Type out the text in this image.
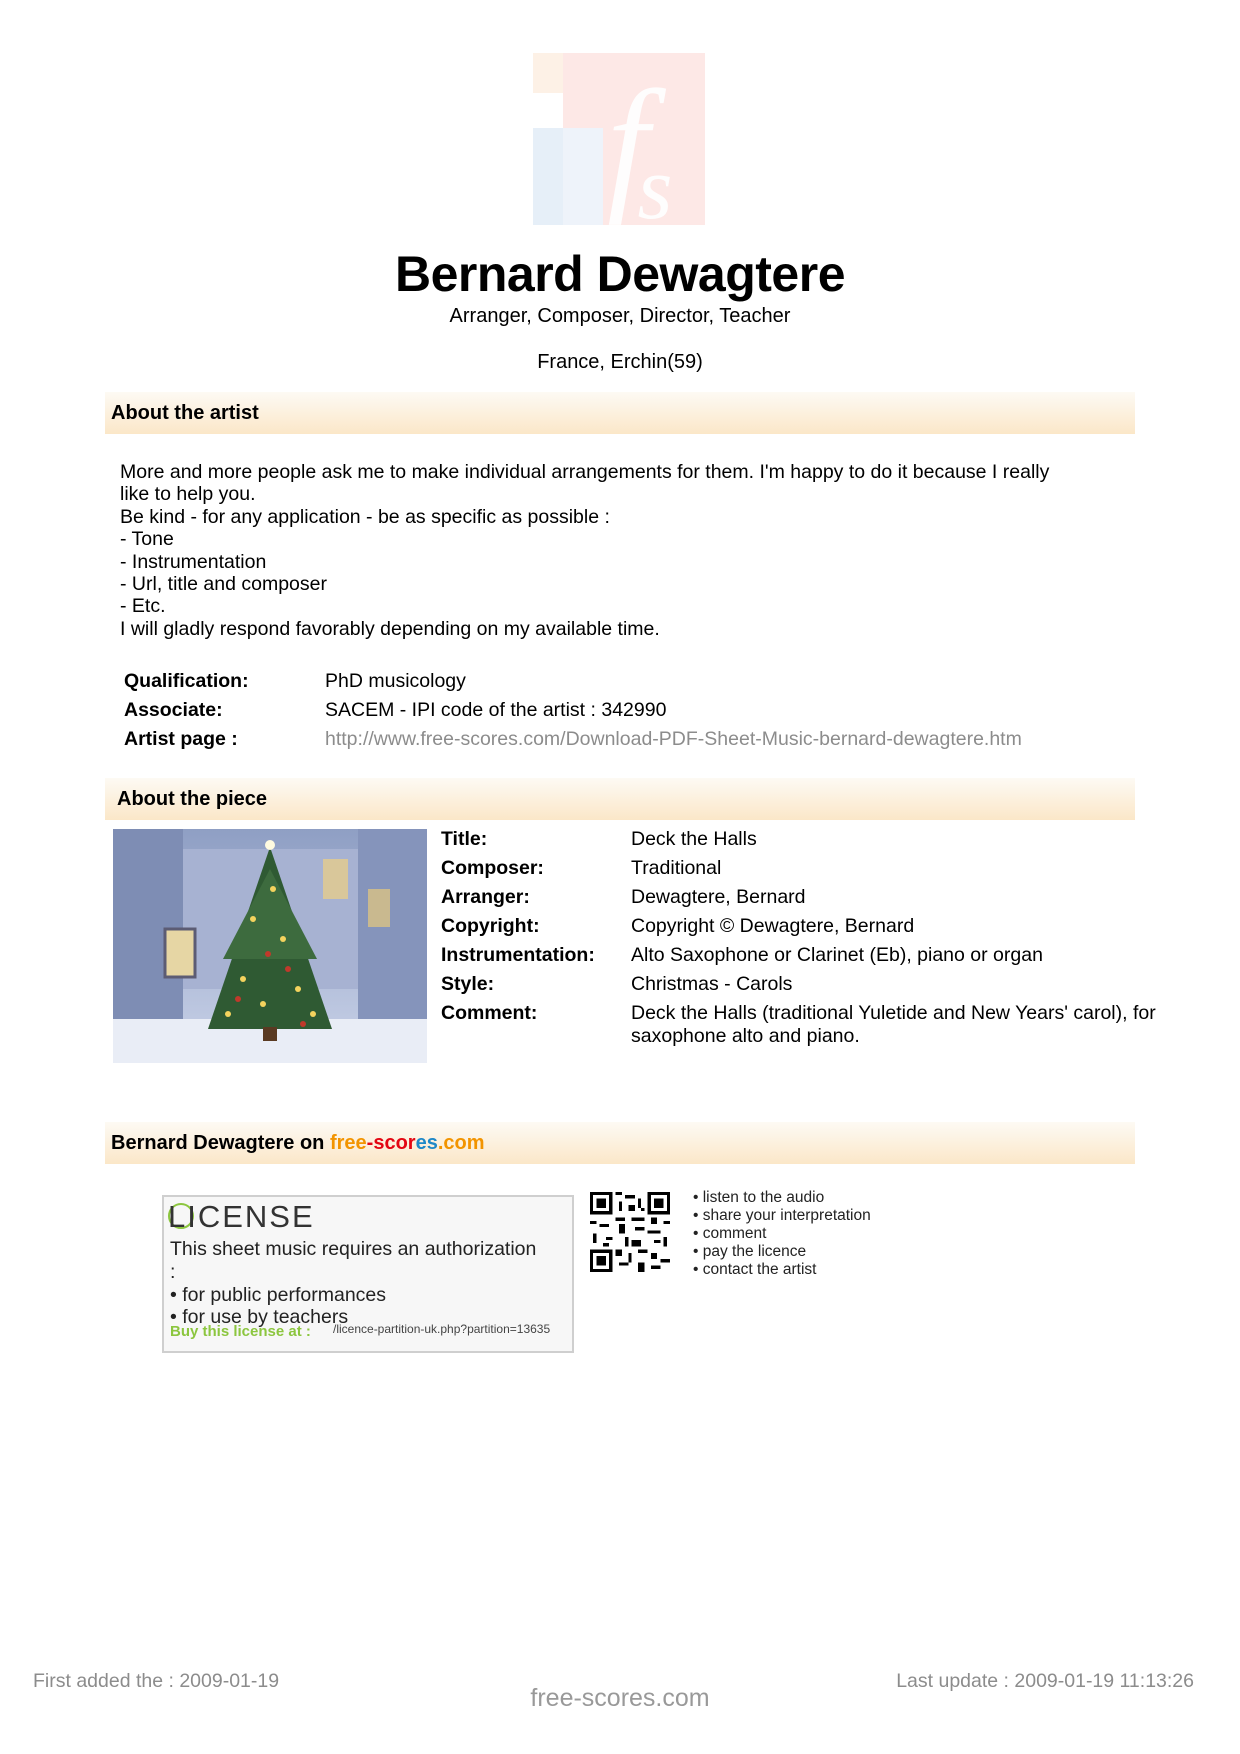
f
s
Bernard Dewagtere
Arranger, Composer, Director, Teacher
France, Erchin(59)
About the artist
More and more people ask me to make individual arrangements for them. I'm happy to do it because I really
like to help you.
Be kind - for any application - be as specific as possible :
- Tone
- Instrumentation
- Url, title and composer
- Etc.
I will gladly respond favorably depending on my available time.
Qualification:	PhD musicology
Associate:	SACEM - IPI code of the artist : 342990
Artist page :	http://www.free-scores.com/Download-PDF-Sheet-Music-bernard-dewagtere.htm
About the piece
Title:	Deck the Halls
Composer:	Traditional
Arranger:	Dewagtere, Bernard
Copyright:	Copyright © Dewagtere, Bernard
Instrumentation: Alto Saxophone or Clarinet (Eb), piano or organ
Style:	Christmas - Carols
Comment:	Deck the Halls (traditional Yuletide and New Years' carol), for
saxophone alto and piano.
Bernard Dewagtere on free-scores.com
LICENSE
This sheet music requires an authorization
:
• for public performances
• for use by teachers
Buy this license at : /licence-partition-uk.php?partition=13635
• listen to the audio
• share your interpretation
• comment
• pay the licence
• contact the artist
First added the : 2009-01-19	Last update : 2009-01-19 11:13:26
free-scores.com
